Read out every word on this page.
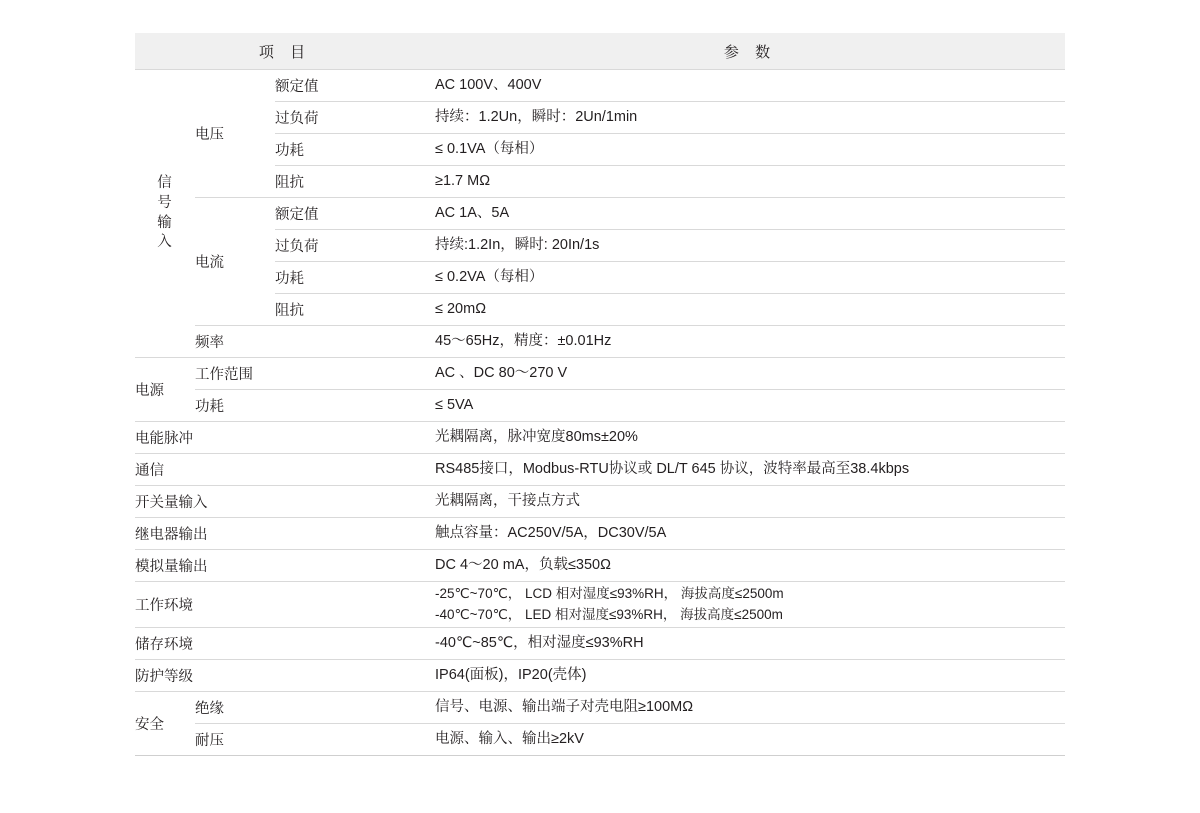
项 目			参 数

信
号
输
入	电压	额定值	AC 100V、400V
		过负荷	持续：1.2Un，瞬时：2Un/1min
		功耗	≤ 0.1VA（每相）
		阻抗	≥1.7 MΩ
	电流	额定值	AC 1A、5A
		过负荷	持续:1.2In，瞬时: 20In/1s
		功耗	≤ 0.2VA（每相）
		阻抗	≤ 20mΩ
	频率		45～65Hz，精度：±0.01Hz
电源	工作范围		AC 、DC 80～270 V
	功耗		≤ 5VA
电能脉冲			光耦隔离，脉冲宽度80ms±20%
通信			RS485接口，Modbus-RTU协议或 DL/T 645 协议，波特率最高至38.4kbps
开关量输入			光耦隔离，干接点方式
继电器输出			触点容量：AC250V/5A，DC30V/5A
模拟量输出			DC 4～20 mA，负载≤350Ω
工作环境			-25℃~70℃， LCD 相对湿度≤93%RH， 海拔高度≤2500m
-40℃~70℃， LED 相对湿度≤93%RH， 海拔高度≤2500m

储存环境			-40℃~85℃，相对湿度≤93%RH
防护等级			IP64(面板)，IP20(壳体)
安全	绝缘		信号、电源、输出端子对壳电阻≥100MΩ
	耐压		电源、输入、输出≥2kV
